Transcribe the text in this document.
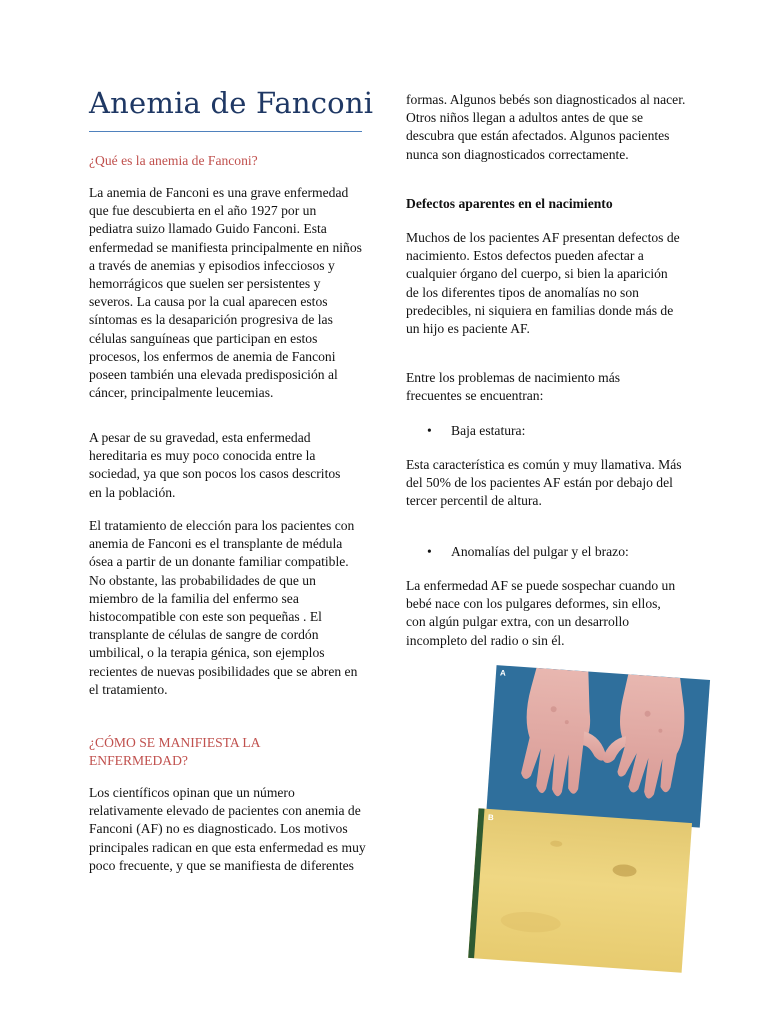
Anemia de Fanconi
¿Qué es la anemia de Fanconi?

La anemia de Fanconi es una grave enfermedad que fue descubierta en el año 1927 por un pediatra suizo llamado Guido Fanconi. Esta enfermedad se manifiesta principalmente en niños a través de anemias y episodios infecciosos y hemorrágicos que suelen ser persistentes y severos. La causa por la cual aparecen estos síntomas es la desaparición progresiva de las células sanguíneas que participan en estos procesos, los enfermos de anemia de Fanconi poseen también una elevada predisposición al cáncer, principalmente leucemias.

A pesar de su gravedad, esta enfermedad hereditaria es muy poco conocida entre la sociedad, ya que son pocos los casos descritos en la población.

El tratamiento de elección para los pacientes con anemia de Fanconi es el transplante de médula ósea a partir de un donante familiar compatible. No obstante, las probabilidades de que un miembro de la familia del enfermo sea histocompatible con este son pequeñas . El transplante de células de sangre de cordón umbilical, o la terapia génica, son ejemplos recientes de nuevas posibilidades que se abren en el tratamiento.

¿CÓMO SE MANIFIESTA LA ENFERMEDAD?

Los científicos opinan que un número relativamente elevado de pacientes con anemia de Fanconi (AF) no es diagnosticado. Los motivos principales radican en que esta enfermedad es muy poco frecuente, y que se manifiesta de diferentes

formas. Algunos bebés son diagnosticados al nacer. Otros niños llegan a adultos antes de que se descubra que están afectados. Algunos pacientes nunca son diagnosticados correctamente.

Defectos aparentes en el nacimiento

Muchos de los pacientes AF presentan defectos de nacimiento. Estos defectos pueden afectar a cualquier órgano del cuerpo, si bien la aparición de los diferentes tipos de anomalías no son predecibles, ni siquiera en familias donde más de un hijo es paciente AF.

Entre los problemas de nacimiento más frecuentes se encuentran:

• Baja estatura:

Esta característica es común y muy llamativa. Más del 50% de los pacientes AF están por debajo del tercer percentil de altura.

• Anomalías del pulgar y el brazo:

La enfermedad AF se puede sospechar cuando un bebé nace con los pulgares deformes, sin ellos, con algún pulgar extra, con un desarrollo incompleto del radio o sin él.

A
B
